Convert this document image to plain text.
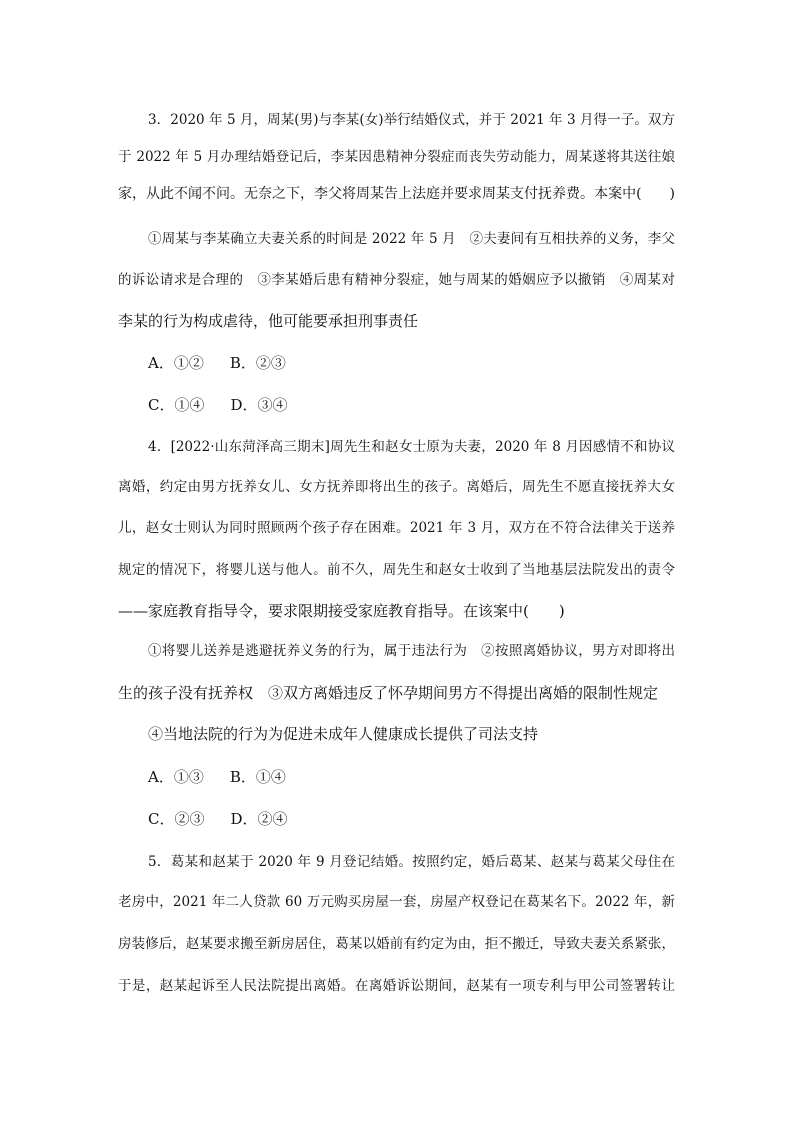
3．2020 年 5 月，周某(男)与李某(女)举行结婚仪式，并于 2021 年 3 月得一子。双方
于 2022 年 5 月办理结婚登记后，李某因患精神分裂症而丧失劳动能力，周某遂将其送往娘
家，从此不闻不问。无奈之下，李父将周某告上法庭并要求周某支付抚养费。本案中(　　)
①周某与李某确立夫妻关系的时间是 2022 年 5 月　②夫妻间有互相扶养的义务，李父
的诉讼请求是合理的　③李某婚后患有精神分裂症，她与周某的婚姻应予以撤销　④周某对
李某的行为构成虐待，他可能要承担刑事责任
A．①② B．②③
C．①④ D．③④
4．[2022·山东菏泽高三期末]周先生和赵女士原为夫妻，2020 年 8 月因感情不和协议
离婚，约定由男方抚养女儿、女方抚养即将出生的孩子。离婚后，周先生不愿直接抚养大女
儿，赵女士则认为同时照顾两个孩子存在困难。2021 年 3 月，双方在不符合法律关于送养
规定的情况下，将婴儿送与他人。前不久，周先生和赵女士收到了当地基层法院发出的责令
——家庭教育指导令，要求限期接受家庭教育指导。在该案中(　　)
①将婴儿送养是逃避抚养义务的行为，属于违法行为　②按照离婚协议，男方对即将出
生的孩子没有抚养权　③双方离婚违反了怀孕期间男方不得提出离婚的限制性规定
④当地法院的行为为促进未成年人健康成长提供了司法支持
A．①③ B．①④
C．②③ D．②④
5．葛某和赵某于 2020 年 9 月登记结婚。按照约定，婚后葛某、赵某与葛某父母住在
老房中，2021 年二人贷款 60 万元购买房屋一套，房屋产权登记在葛某名下。2022 年，新
房装修后，赵某要求搬至新房居住，葛某以婚前有约定为由，拒不搬迁，导致夫妻关系紧张，
于是，赵某起诉至人民法院提出离婚。在离婚诉讼期间，赵某有一项专利与甲公司签署转让
